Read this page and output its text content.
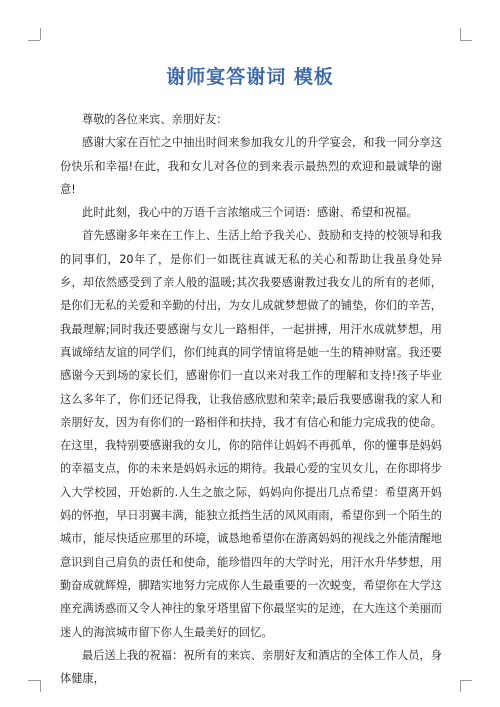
谢师宴答谢词 模板

尊敬的各位来宾、亲朋好友：

感谢大家在百忙之中抽出时间来参加我女儿的升学宴会，和我一同分享这份快乐和幸福!在此，我和女儿对各位的到来表示最热烈的欢迎和最诚挚的谢意!

此时此刻，我心中的万语千言浓缩成三个词语：感谢、希望和祝福。

首先感谢多年来在工作上、生活上给予我关心、鼓励和支持的校领导和我的同事们，20年了，是你们一如既往真诚无私的关心和帮助让我虽身处异乡，却依然感受到了亲人般的温暖;其次我要感谢教过我女儿的所有的老师，是你们无私的关爱和辛勤的付出，为女儿成就梦想做了的铺垫，你们的辛苦，我最理解;同时我还要感谢与女儿一路相伴，一起拼搏，用汗水成就梦想，用真诚缔结友谊的同学们，你们纯真的同学情谊将是她一生的精神财富。我还要感谢今天到场的家长们，感谢你们一直以来对我工作的理解和支持!孩子毕业这么多年了，你们还记得我，让我倍感欣慰和荣幸;最后我要感谢我的家人和亲朋好友，因为有你们的一路相伴和扶持，我才有信心和能力完成我的使命。在这里，我特别要感谢我的女儿，你的陪伴让妈妈不再孤单，你的懂事是妈妈的幸福支点，你的未来是妈妈永远的期待。我最心爱的宝贝女儿，在你即将步入大学校园，开始新的.人生之旅之际，妈妈向你提出几点希望：希望离开妈妈的怀抱，早日羽翼丰满，能独立抵挡生活的风风雨雨，希望你到一个陌生的城市，能尽快适应那里的环境，诚恳地希望你在游离妈妈的视线之外能清醒地意识到自己肩负的责任和使命，能珍惜四年的大学时光，用汗水升华梦想，用勤奋成就辉煌，脚踏实地努力完成你人生最重要的一次蜕变，希望你在大学这座充满诱惑而又令人神往的象牙塔里留下你最坚实的足迹，在大连这个美丽而迷人的海滨城市留下你人生最美好的回忆。

最后送上我的祝福：祝所有的来宾、亲朋好友和酒店的全体工作人员，身体健康，
